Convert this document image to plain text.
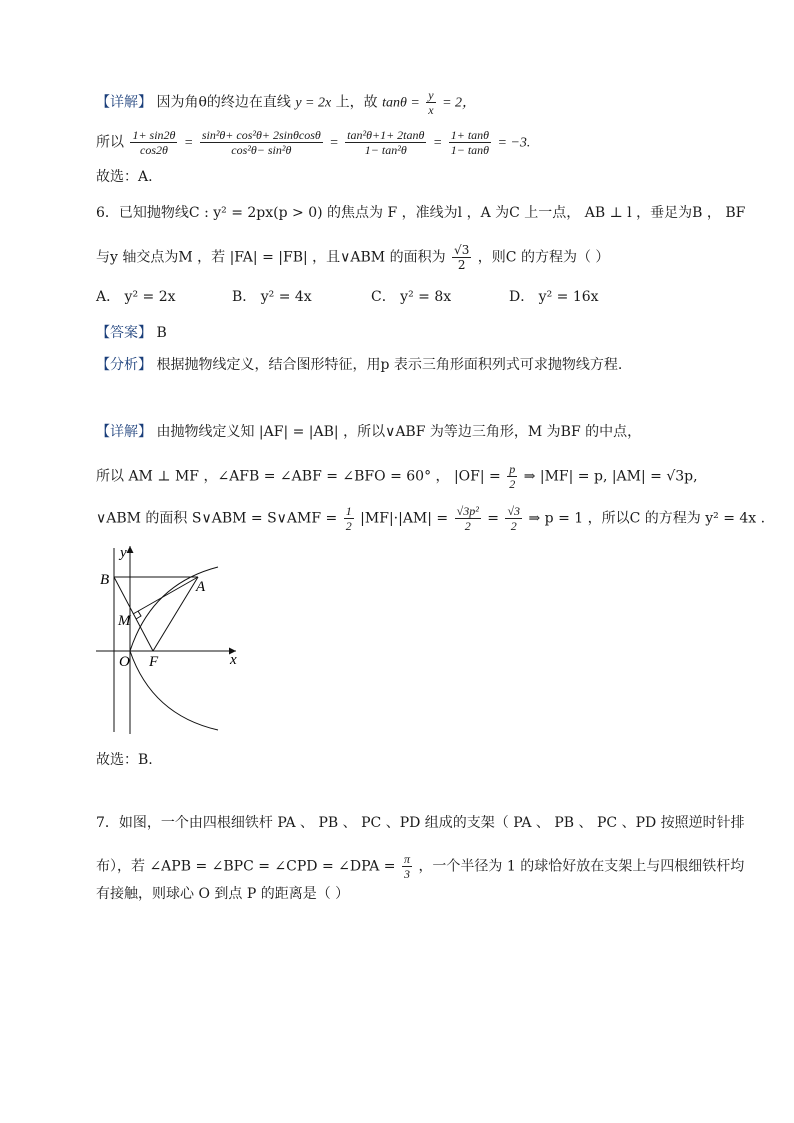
【详解】 因为角θ的终边在直线 y = 2x 上，故 $\tan\theta = \frac{y}{x} = 2$，
所以 $\frac{1+ \sin 2\theta}{\cos 2\theta} = \frac{\text{sin²θ+ cos²θ+ 2sinθcosθ}}{\text{cos²θ− sin²θ}} = \frac{\text{tan²θ+1+ 2tanθ}}{\text{1− tan²θ}} = \frac{1+ \tan\theta}{1- \tan\theta} = -3$.
故选：A.
6．已知抛物线C : y² = 2px(p > 0) 的焦点为 F ，准线为l ，A 为C 上一点， AB ⊥ l ，垂足为B ， BF
与y 轴交点为M ，若 |FA| = |FB| ，且∨ABM 的面积为 $\frac{√3}{2}$ ，则C 的方程为（ ）
A． y² = 2x	B． y² = 4x	C． y² = 8x	D． y² = 16x
【答案】 B
【分析】 根据抛物线定义，结合图形特征，用p 表示三角形面积列式可求抛物线方程.
【详解】 由抛物线定义知 |AF| = |AB| ，所以∨ABF 为等边三角形，M 为BF 的中点，
所以 AM ⊥ MF ，∠AFB = ∠ABF = ∠BFO = 60° ， $|OF| = \frac{p}{2}$ ⇒ |MF| = p, |AM| = √3p,
∨ABM 的面积 S∨ABM = S∨AMF = $\frac{1}{2} |MF|\cdot|AM| = \frac{\text{√3p²}}{2} = \frac{√3}{2}$ ⇒ p = 1 ，所以C 的方程为 y² = 4x .
y
x
B	A
M
O F
故选：B.
7．如图，一个由四根细铁杆 PA 、 PB 、 PC 、PD 组成的支架（ PA 、 PB 、 PC 、PD 按照逆时针排
布），若 ∠APB = ∠BPC = ∠CPD = ∠DPA = $\frac{\pi}{3}$ ，一个半径为 1 的球恰好放在支架上与四根细铁杆均
有接触，则球心 O 到点 P 的距离是（ ）
